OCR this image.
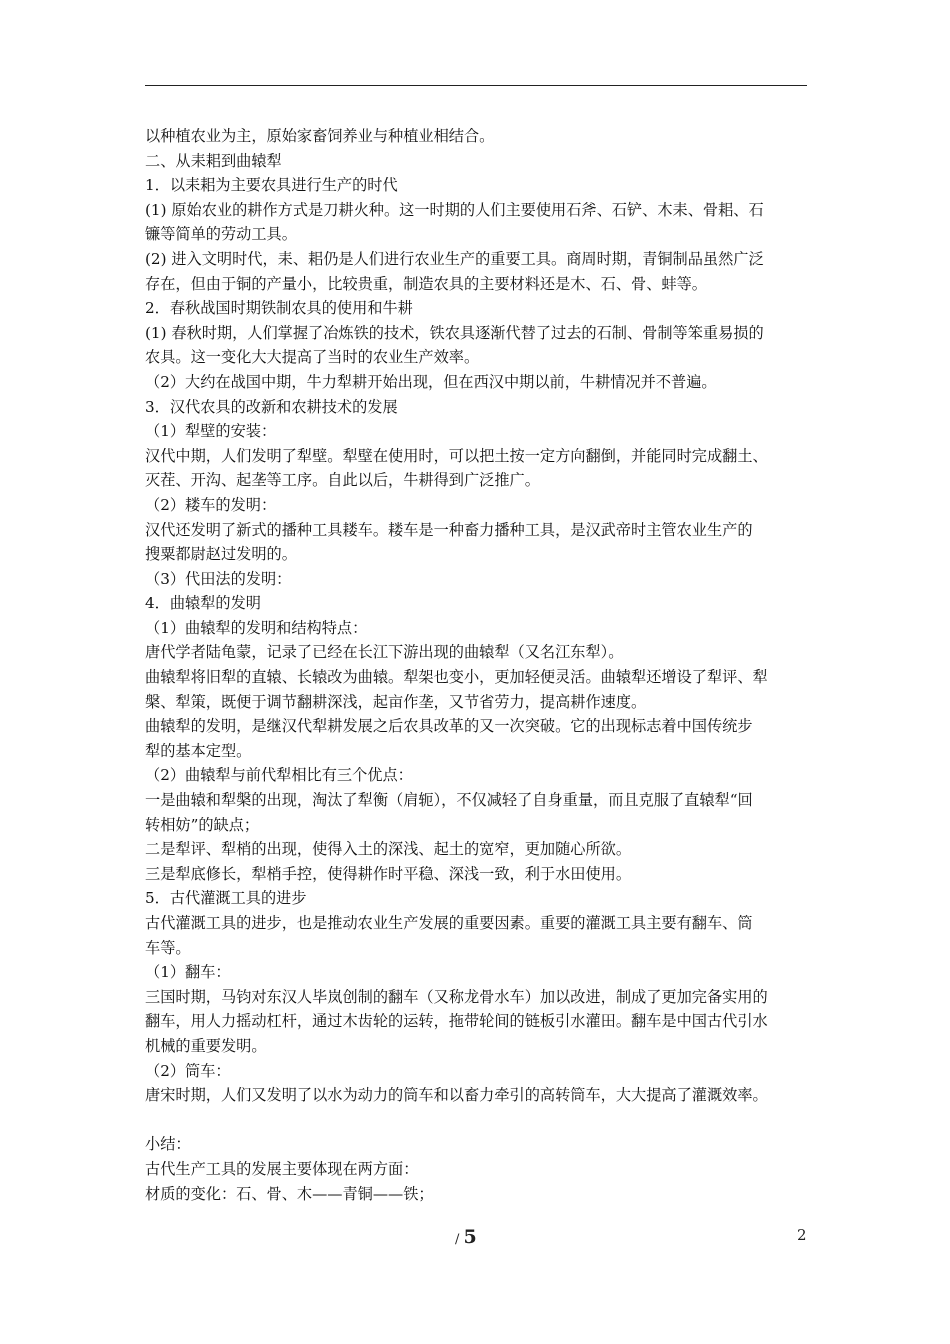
以种植农业为主，原始家畜饲养业与种植业相结合。
二、从耒耜到曲辕犁
1．以耒耜为主要农具进行生产的时代
(1) 原始农业的耕作方式是刀耕火种。这一时期的人们主要使用石斧、石铲、木耒、骨耜、石
镰等简单的劳动工具。
(2) 进入文明时代，耒、耜仍是人们进行农业生产的重要工具。商周时期，青铜制品虽然广泛
存在，但由于铜的产量小，比较贵重，制造农具的主要材料还是木、石、骨、蚌等。
2．春秋战国时期铁制农具的使用和牛耕
(1) 春秋时期，人们掌握了冶炼铁的技术，铁农具逐渐代替了过去的石制、骨制等笨重易损的
农具。这一变化大大提高了当时的农业生产效率。
（2）大约在战国中期，牛力犁耕开始出现，但在西汉中期以前，牛耕情况并不普遍。
3．汉代农具的改新和农耕技术的发展
（1）犁壁的安装：
汉代中期，人们发明了犁壁。犁壁在使用时，可以把土按一定方向翻倒，并能同时完成翻土、
灭茬、开沟、起垄等工序。自此以后，牛耕得到广泛推广。
（2）耧车的发明：
汉代还发明了新式的播种工具耧车。耧车是一种畜力播种工具，是汉武帝时主管农业生产的
搜粟都尉赵过发明的。
（3）代田法的发明：
4．曲辕犁的发明
（1）曲辕犁的发明和结构特点：
唐代学者陆龟蒙，记录了已经在长江下游出现的曲辕犁（又名江东犁）。
曲辕犁将旧犁的直辕、长辕改为曲辕。犁架也变小，更加轻便灵活。曲辕犁还增设了犁评、犁
槃、犁策，既便于调节翻耕深浅，起亩作垄，又节省劳力，提高耕作速度。
曲辕犁的发明，是继汉代犁耕发展之后农具改革的又一次突破。它的出现标志着中国传统步
犁的基本定型。
（2）曲辕犁与前代犁相比有三个优点：
一是曲辕和犁槃的出现，淘汰了犁衡（肩轭），不仅减轻了自身重量，而且克服了直辕犁“回
转相妨”的缺点；
二是犁评、犁梢的出现，使得入土的深浅、起土的宽窄，更加随心所欲。
三是犁底修长，犁梢手控，使得耕作时平稳、深浅一致，利于水田使用。
5．古代灌溉工具的进步
古代灌溉工具的进步，也是推动农业生产发展的重要因素。重要的灌溉工具主要有翻车、筒
车等。
（1）翻车：
三国时期，马钧对东汉人毕岚创制的翻车（又称龙骨水车）加以改进，制成了更加完备实用的
翻车，用人力摇动杠杆，通过木齿轮的运转，拖带轮间的链板引水灌田。翻车是中国古代引水
机械的重要发明。
（2）筒车：
唐宋时期，人们又发明了以水为动力的筒车和以畜力牵引的高转筒车，大大提高了灌溉效率。
小结：
古代生产工具的发展主要体现在两方面：
材质的变化：石、骨、木——青铜——铁；
/ 5	2
